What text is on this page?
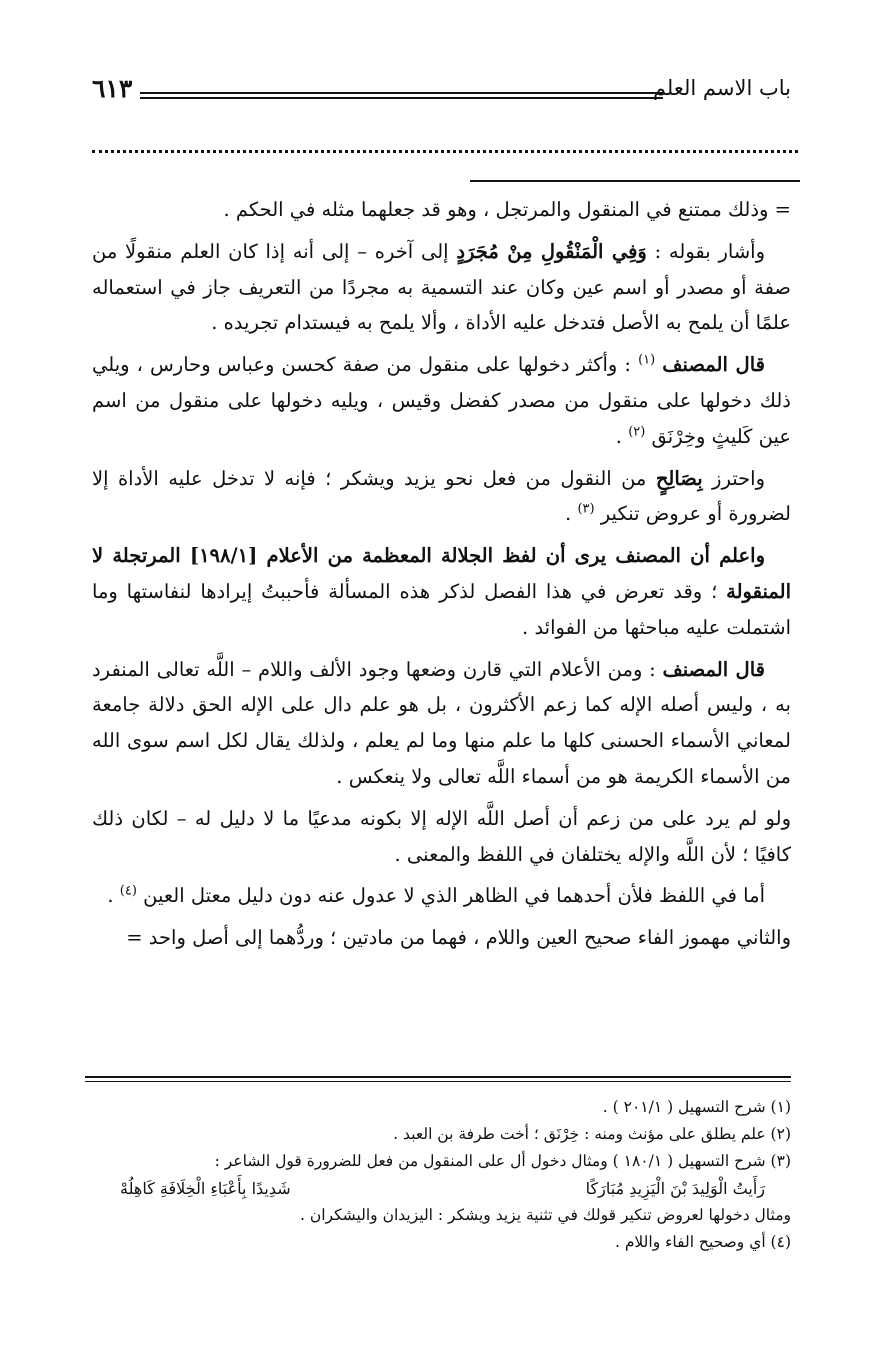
باب الاسم العلم
٦١٣

= وذلك ممتنع في المنقول والمرتجل ، وهو قد جعلهما مثله في الحكم .

وأشار بقوله : وَفِي الْمَنْقُولِ مِنْ مُجَرَدٍ إلى آخره – إلى أنه إذا كان العلم منقولًا من صفة أو مصدر أو اسم عين وكان عند التسمية به مجردًا من التعريف جاز في استعماله علمًا أن يلمح به الأصل فتدخل عليه الأداة ، وألا يلمح به فيستدام تجريده .

قال المصنف $^{(١)}$ : وأكثر دخولها على منقول من صفة كحسن وعباس وحارس ، ويلي ذلك دخولها على منقول من مصدر كفضل وقيس ، ويليه دخولها على منقول من اسم عين كَليثٍ وخِرْنَق $^{(٢)}$ .

واحترز بِصَالِحٍ من النقول من فعل نحو يزيد ويشكر ؛ فإنه لا تدخل عليه الأداة إلا لضرورة أو عروض تنكير $^{(٣)}$ .

واعلم أن المصنف يرى أن لفظ الجلالة المعظمة من الأعلام [١٩٨/١] المرتجلة لا المنقولة ؛ وقد تعرض في هذا الفصل لذكر هذه المسألة فأحببتُ إيرادها لنفاستها وما اشتملت عليه مباحثها من الفوائد .

قال المصنف : ومن الأعلام التي قارن وضعها وجود الألف واللام – اللَّه تعالى المنفرد به ، وليس أصله الإله كما زعم الأكثرون ، بل هو علم دال على الإله الحق دلالة جامعة لمعاني الأسماء الحسنى كلها ما علم منها وما لم يعلم ، ولذلك يقال لكل اسم سوى الله من الأسماء الكريمة هو من أسماء اللَّه تعالى ولا ينعكس .

ولو لم يرد على من زعم أن أصل اللَّه الإله إلا بكونه مدعيًا ما لا دليل له – لكان ذلك كافيًا ؛ لأن اللَّه والإله يختلفان في اللفظ والمعنى .

أما في اللفظ فلأن أحدهما في الظاهر الذي لا عدول عنه دون دليل معتل العين $^{(٤)}$ .

والثاني مهموز الفاء صحيح العين واللام ، فهما من مادتين ؛ وردُّهما إلى أصل واحد =

(١) شرح التسهيل ( ٢٠١/١ ) .

(٢) علم يطلق على مؤنث ومنه : خِرْنَق ؛ أخت طرفة بن العبد .

(٣) شرح التسهيل ( ١٨٠/١ ) ومثال دخول أل على المنقول من فعل للضرورة قول الشاعر :

رَأَيتُ الْوَلِيدَ بْنَ الْيَزِيدِ مُبَارَكًا
شَدِيدًا بِأَعْبَاءِ الْخِلَافَةِ كَاهِلُهْ

ومثال دخولها لعروض تنكير قولك في تثنية يزيد ويشكر : اليزيدان واليشكران .

(٤) أي وصحيح الفاء واللام .
